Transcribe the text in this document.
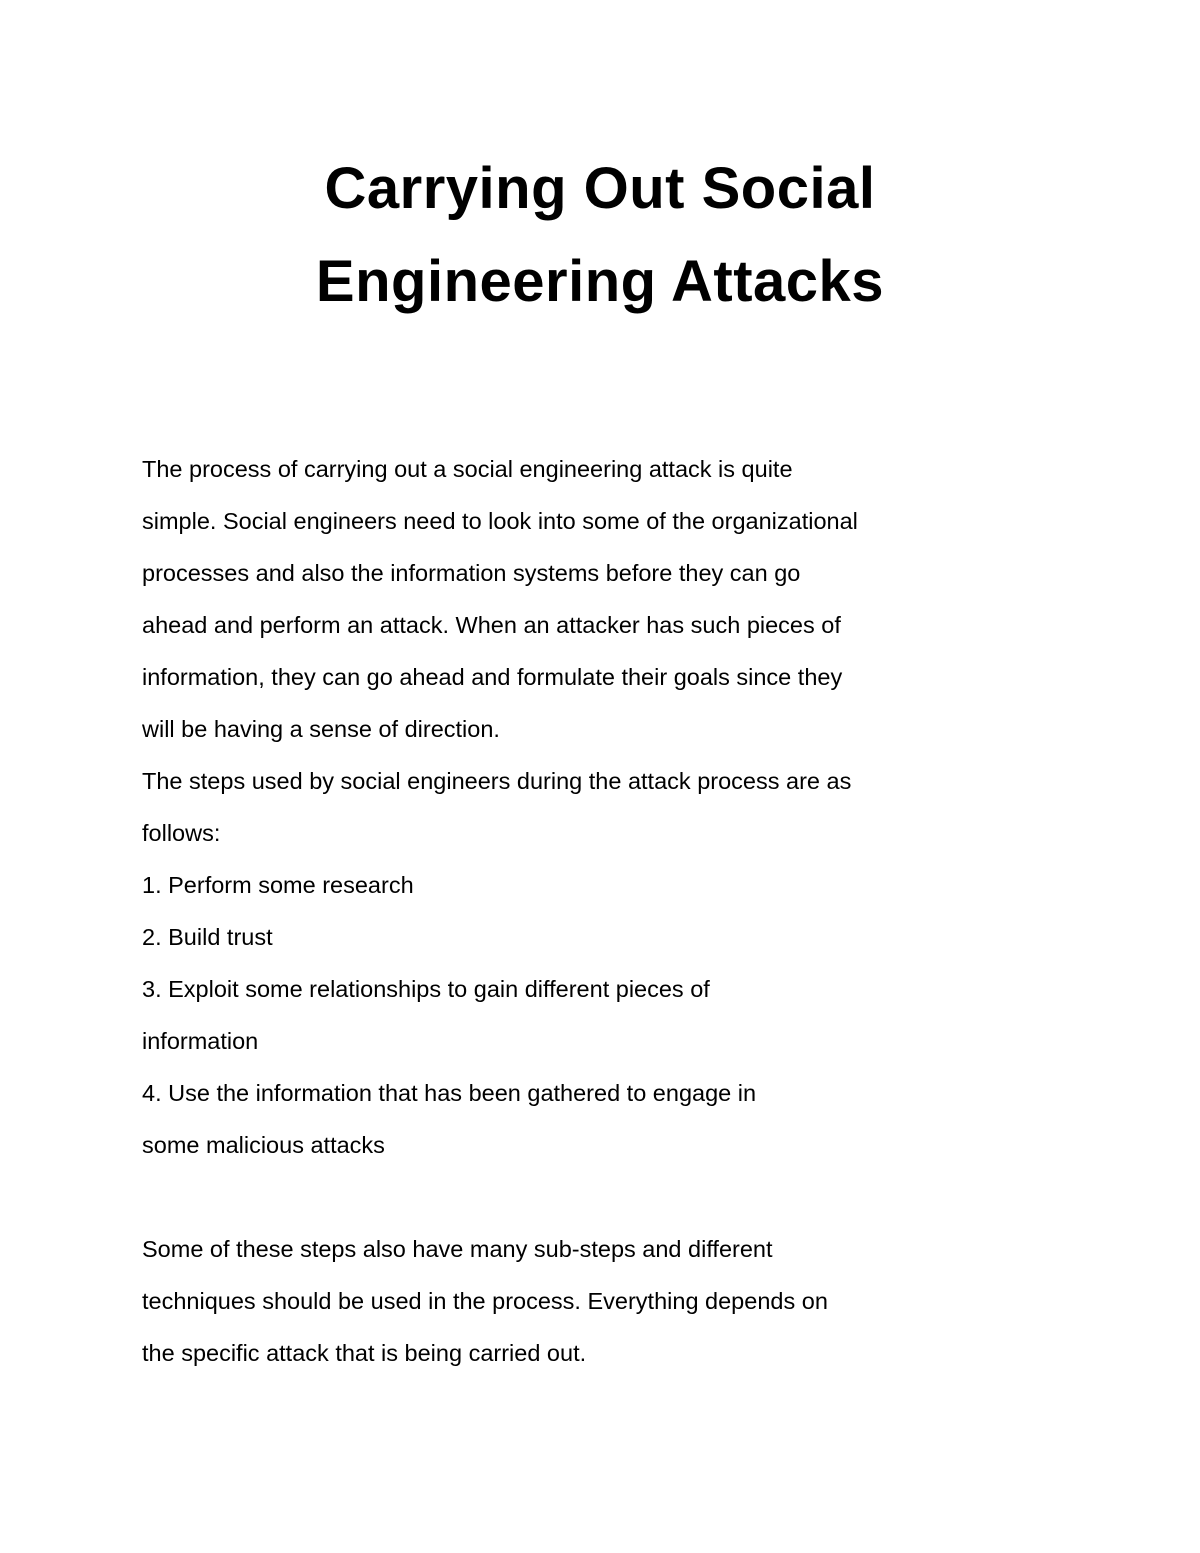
Carrying Out Social
Engineering Attacks
The process of carrying out a social engineering attack is quite
simple. Social engineers need to look into some of the organizational
processes and also the information systems before they can go
ahead and perform an attack. When an attacker has such pieces of
information, they can go ahead and formulate their goals since they
will be having a sense of direction.
The steps used by social engineers during the attack process are as
follows:
1. Perform some research
2. Build trust
3. Exploit some relationships to gain different pieces of
information
4. Use the information that has been gathered to engage in
some malicious attacks
Some of these steps also have many sub-steps and different
techniques should be used in the process. Everything depends on
the specific attack that is being carried out.
